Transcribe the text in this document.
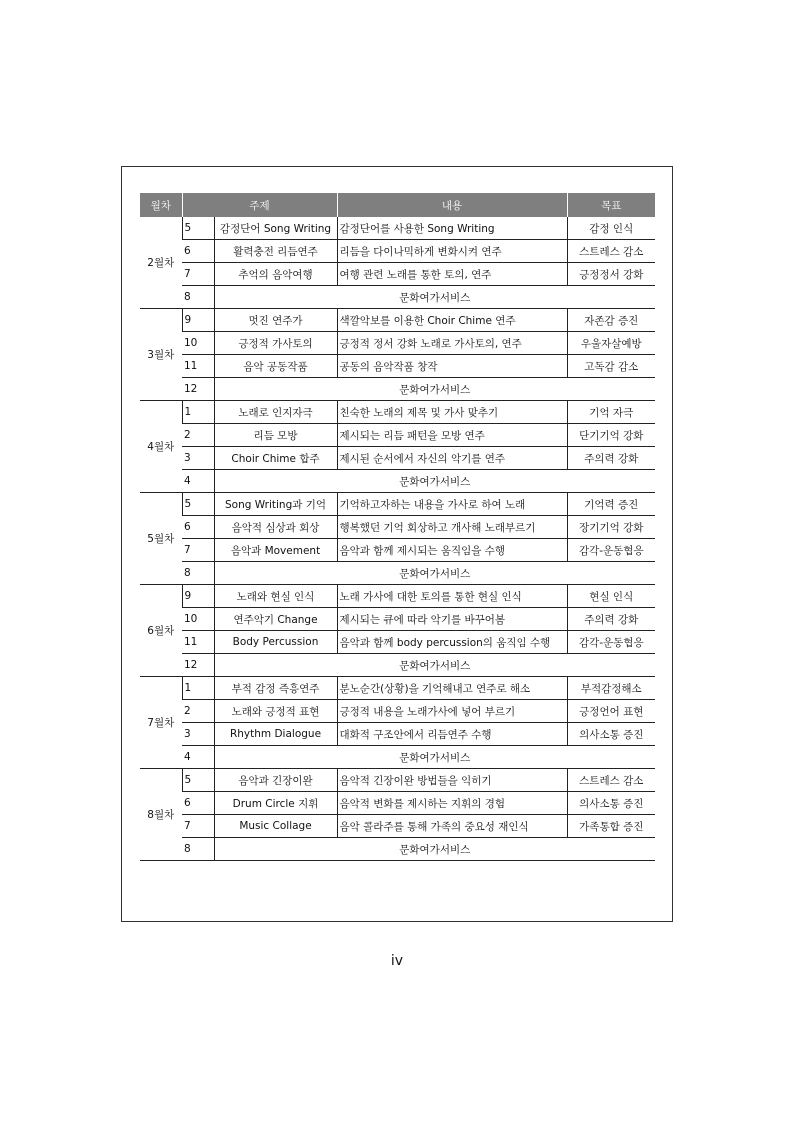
월차	주제		내용	목표
2월차	5	감정단어 Song Writing	감정단어를 사용한 Song Writing	감정 인식
	6	활력충전 리듬연주	리듬을 다이나믹하게 변화시켜 연주	스트레스 감소
	7	추억의 음악여행	여행 관련 노래를 통한 토의, 연주	긍정정서 강화
	8	문화여가서비스		
3월차	9	멋진 연주가	색깔악보를 이용한 Choir Chime 연주	자존감 증진
	10	긍정적 가사토의	긍정적 정서 강화 노래로 가사토의, 연주	우울자살예방
	11	음악 공동작품	공동의 음악작품 창작	고독감 감소
	12	문화여가서비스		
4월차	1	노래로 인지자극	친숙한 노래의 제목 및 가사 맞추기	기억 자극
	2	리듬 모방	제시되는 리듬 패턴을 모방 연주	단기기억 강화
	3	Choir Chime 합주	제시된 순서에서 자신의 악기를 연주	주의력 강화
	4	문화여가서비스		
5월차	5	Song Writing과 기억	기억하고자하는 내용을 가사로 하여 노래	기억력 증진
	6	음악적 심상과 회상	행복했던 기억 회상하고 개사해 노래부르기	장기기억 강화
	7	음악과 Movement	음악과 함께 제시되는 움직임을 수행	감각-운동협응
	8	문화여가서비스		
6월차	9	노래와 현실 인식	노래 가사에 대한 토의를 통한 현실 인식	현실 인식
	10	연주악기 Change	제시되는 큐에 따라 악기를 바꾸어봄	주의력 강화
	11	Body Percussion	음악과 함께 body percussion의 움직임 수행	감각-운동협응
	12	문화여가서비스		
7월차	1	부적 감정 즉흥연주	분노순간(상황)을 기억해내고 연주로 해소	부적감정해소
	2	노래와 긍정적 표현	긍정적 내용을 노래가사에 넣어 부르기	긍정언어 표현
	3	Rhythm Dialogue	대화적 구조안에서 리듬연주 수행	의사소통 증진
	4	문화여가서비스		
8월차	5	음악과 긴장이완	음악적 긴장이완 방법들을 익히기	스트레스 감소
	6	Drum Circle 지휘	음악적 변화를 제시하는 지휘의 경험	의사소통 증진
	7	Music Collage	음악 콜라주를 통해 가족의 중요성 재인식	가족통합 증진
	8	문화여가서비스		
iv
